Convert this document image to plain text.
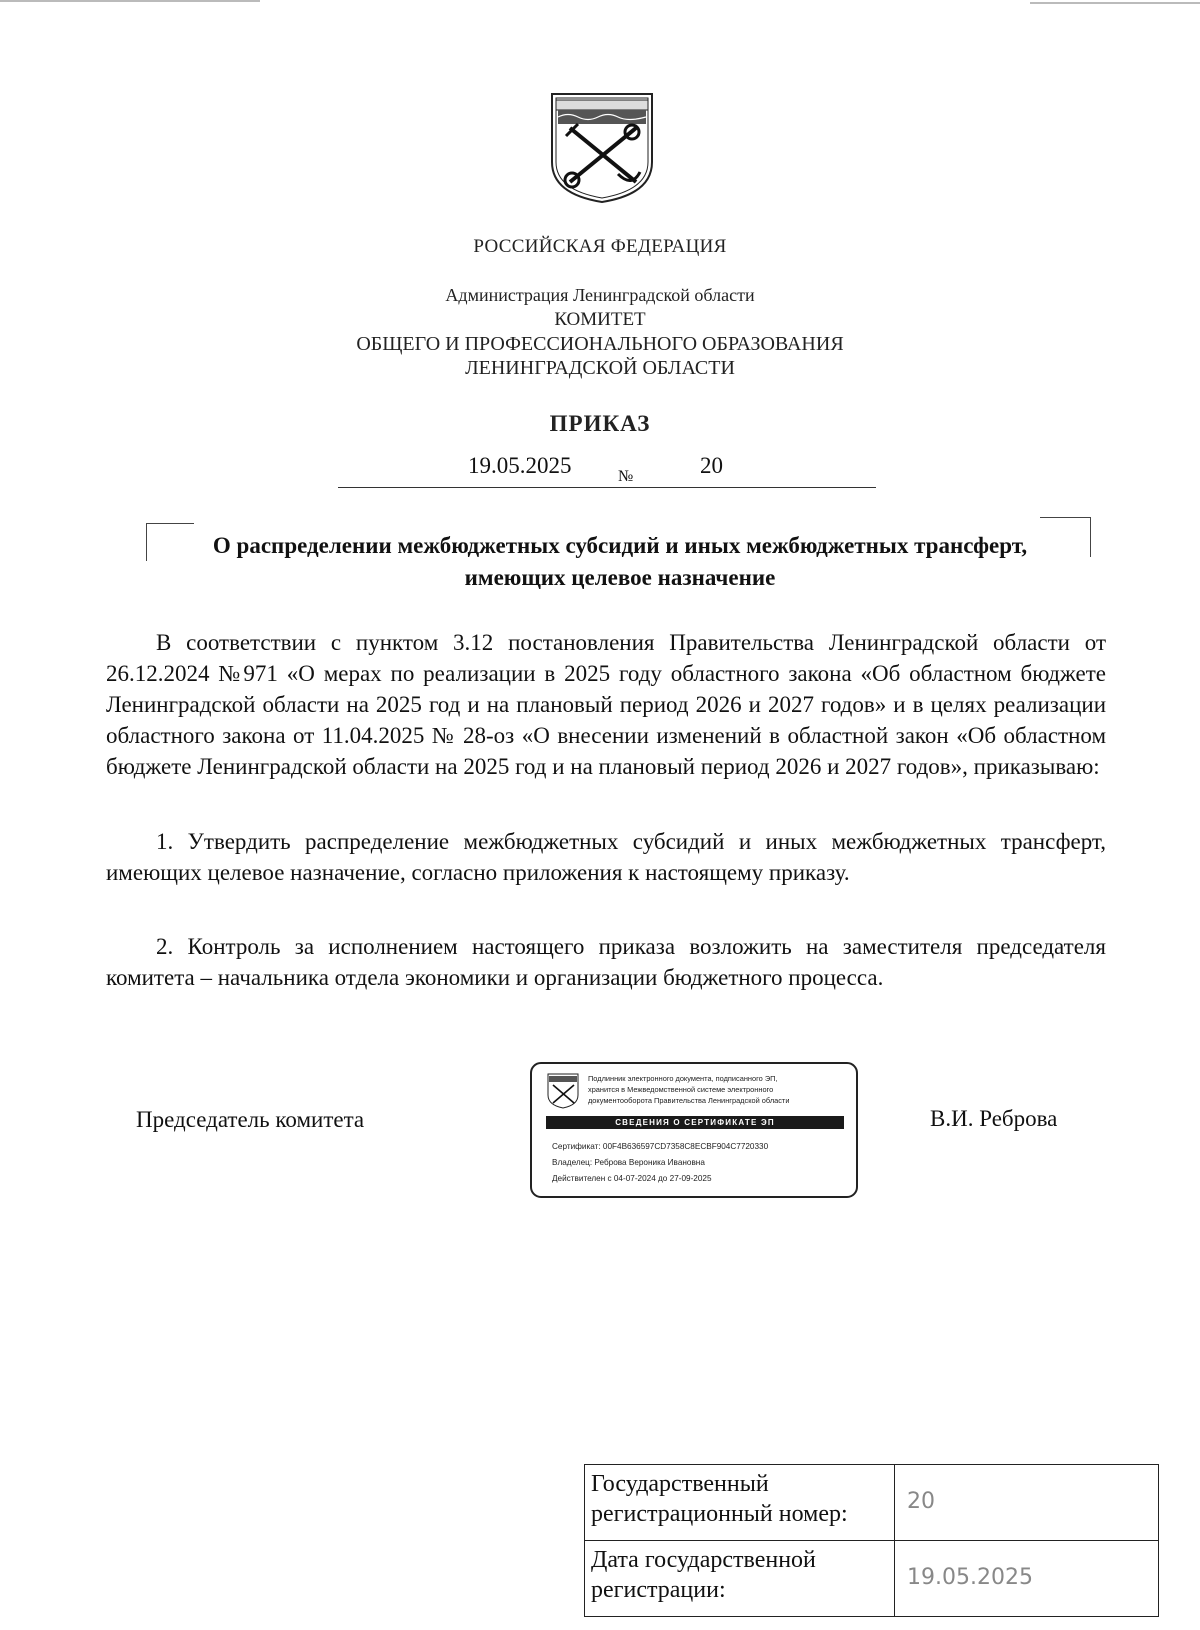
РОССИЙСКАЯ ФЕДЕРАЦИЯ
Администрация Ленинградской области
КОМИТЕТ
ОБЩЕГО И ПРОФЕССИОНАЛЬНОГО ОБРАЗОВАНИЯ
ЛЕНИНГРАДСКОЙ ОБЛАСТИ
ПРИКАЗ
19.05.2025	№	20
О распределении межбюджетных субсидий и иных межбюджетных трансферт, имеющих целевое назначение
В соответствии с пунктом 3.12 постановления Правительства Ленинградской области от 26.12.2024 №971 «О мерах по реализации в 2025 году областного закона «Об областном бюджете Ленинградской области на 2025 год и на плановый период 2026 и 2027 годов» и в целях реализации областного закона от 11.04.2025 № 28-оз «О внесении изменений в областной закон «Об областном бюджете Ленинградской области на 2025 год и на плановый период 2026 и 2027 годов», приказываю:
1. Утвердить распределение межбюджетных субсидий и иных межбюджетных трансферт, имеющих целевое назначение, согласно приложения к настоящему приказу.
2. Контроль за исполнением настоящего приказа возложить на заместителя председателя комитета – начальника отдела экономики и организации бюджетного процесса.
Председатель комитета	В.И. Реброва
Подлинник электронного документа, подписанного ЭП,
хранится в Межведомственной системе электронного
документооборота Правительства Ленинградской области
СВЕДЕНИЯ О СЕРТИФИКАТЕ ЭП
Сертификат: 00F4B636597CD7358C8ECBF904C7720330
Владелец: Реброва Вероника Ивановна
Действителен с 04-07-2024 до 27-09-2025
Государственный регистрационный номер:	20
Дата государственной регистрации:	19.05.2025
